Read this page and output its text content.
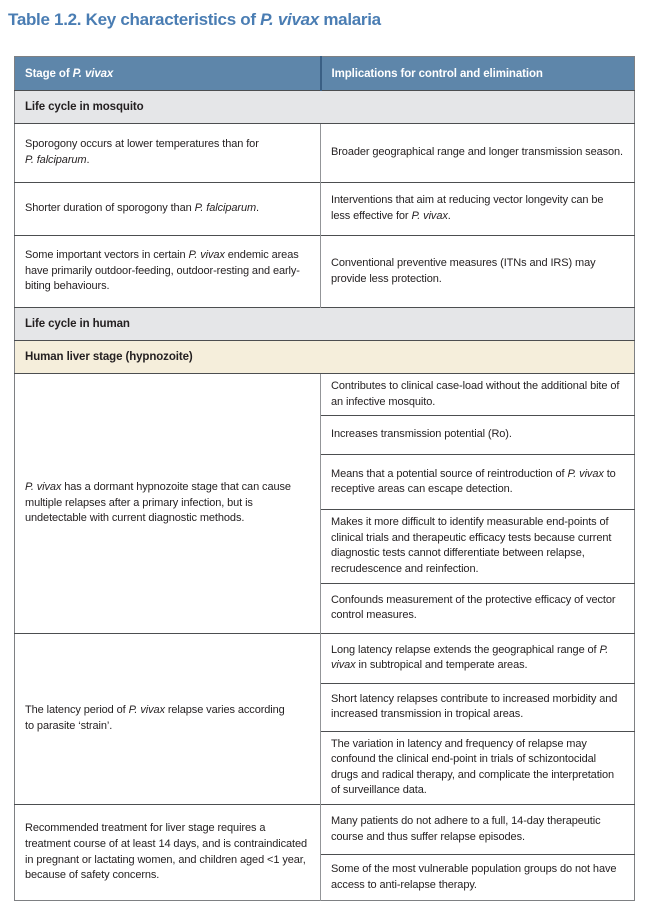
Table 1.2. Key characteristics of P. vivax malaria
Stage of P. vivax	Implications for control and elimination
Life cycle in mosquito	
Sporogony occurs at lower temperatures than for
P. falciparum.	Broader geographical range and longer transmission season.
Shorter duration of sporogony than P. falciparum.	Interventions that aim at reducing vector longevity can be less effective for P. vivax.
Some important vectors in certain P. vivax endemic areas have primarily outdoor-feeding, outdoor-resting and early-biting behaviours.	Conventional preventive measures (ITNs and IRS) may provide less protection.
Life cycle in human	
Human liver stage (hypnozoite)	
P. vivax has a dormant hypnozoite stage that can cause multiple relapses after a primary infection, but is undetectable with current diagnostic methods.	Contributes to clinical case-load without the additional bite of an infective mosquito.
	Increases transmission potential (Ro).
	Means that a potential source of reintroduction of P. vivax to receptive areas can escape detection.
	Makes it more difficult to identify measurable end-points of clinical trials and therapeutic efficacy tests because current diagnostic tests cannot differentiate between relapse, recrudescence and reinfection.
	Confounds measurement of the protective efficacy of vector control measures.
The latency period of P. vivax relapse varies according
to parasite ‘strain’.	Long latency relapse extends the geographical range of P. vivax in subtropical and temperate areas.
	Short latency relapses contribute to increased morbidity and increased transmission in tropical areas.
	The variation in latency and frequency of relapse may confound the clinical end-point in trials of schizontocidal drugs and radical therapy, and complicate the interpretation of surveillance data.
Recommended treatment for liver stage requires a treatment course of at least 14 days, and is contraindicated in pregnant or lactating women, and children aged <1 year, because of safety concerns.	Many patients do not adhere to a full, 14-day therapeutic course and thus suffer relapse episodes.
	Some of the most vulnerable population groups do not have access to anti-relapse therapy.
